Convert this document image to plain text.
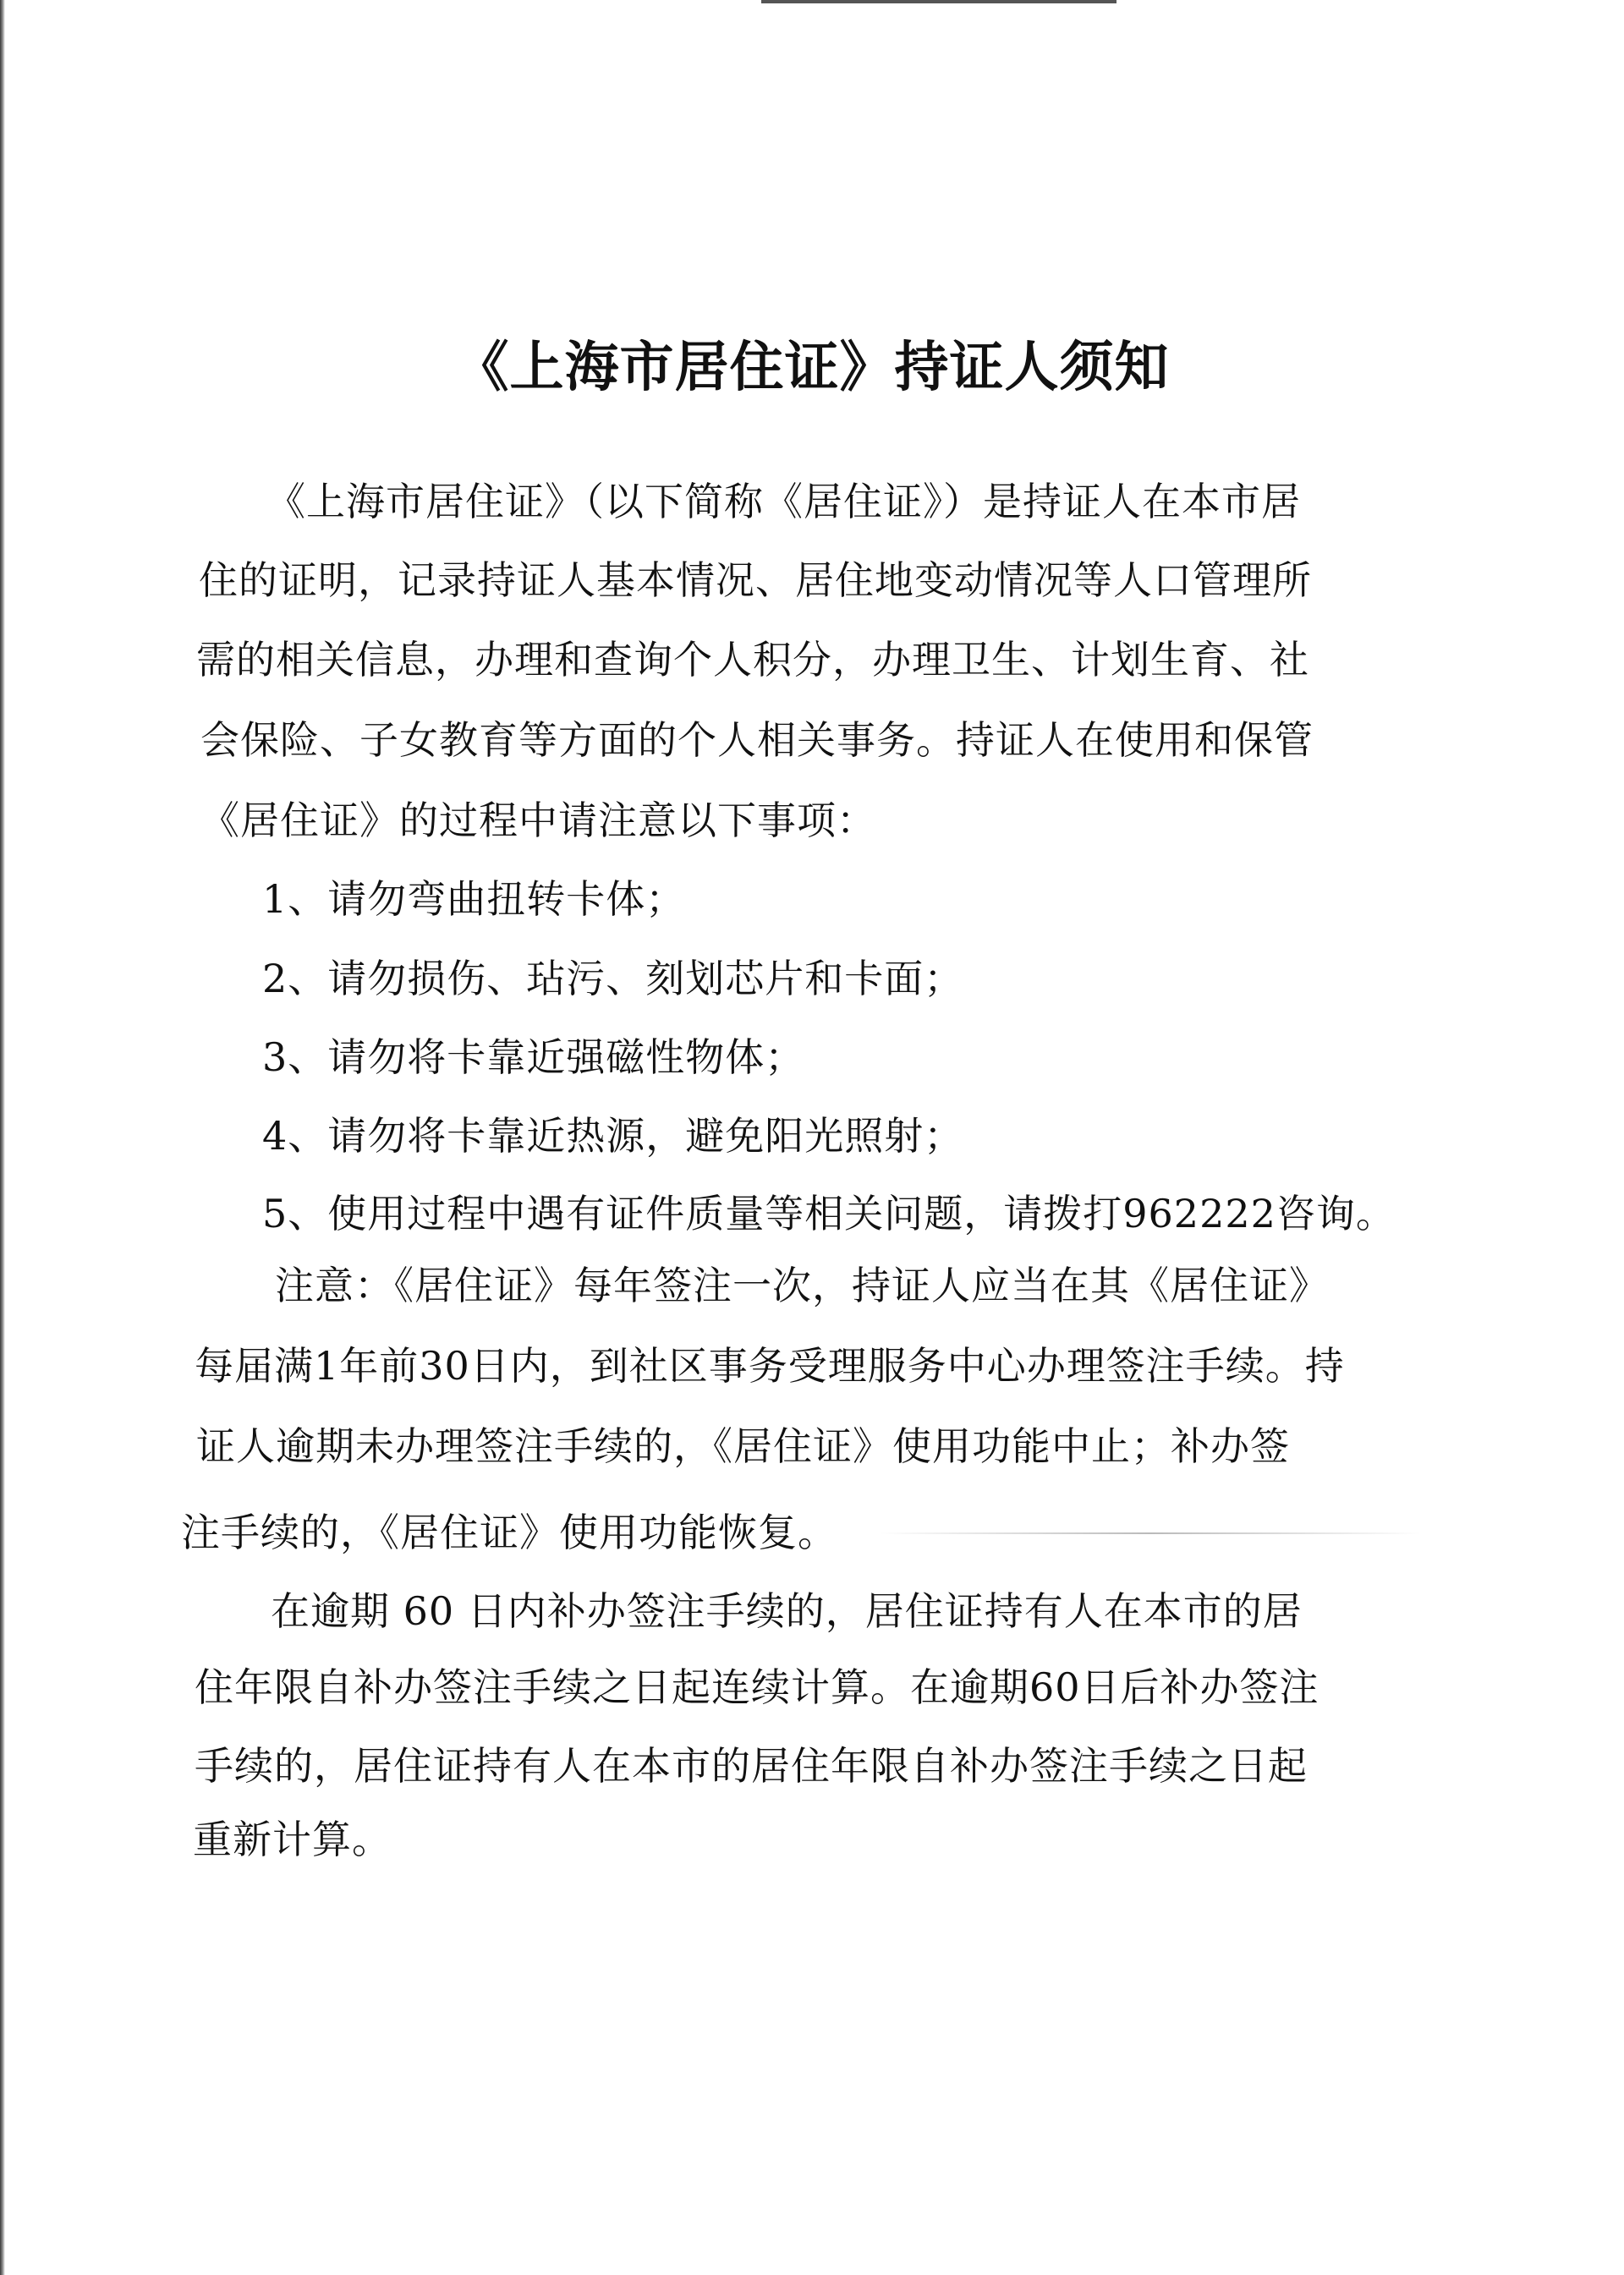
《上海市居住证》持证人须知
《上海市居住证》（以下简称《居住证》）是持证人在本市居
住的证明，记录持证人基本情况、居住地变动情况等人口管理所
需的相关信息，办理和查询个人积分，办理卫生、计划生育、社
会保险、子女教育等方面的个人相关事务。持证人在使用和保管
《居住证》的过程中请注意以下事项：
1、请勿弯曲扭转卡体；
2、请勿损伤、玷污、刻划芯片和卡面；
3、请勿将卡靠近强磁性物体；
4、请勿将卡靠近热源，避免阳光照射；
5、使用过程中遇有证件质量等相关问题，请拨打962222咨询。
注意：《居住证》每年签注一次，持证人应当在其《居住证》
每届满1年前30日内，到社区事务受理服务中心办理签注手续。持
证人逾期未办理签注手续的，《居住证》使用功能中止；补办签
注手续的，《居住证》使用功能恢复。
在逾期 60 日内补办签注手续的，居住证持有人在本市的居
住年限自补办签注手续之日起连续计算。在逾期60日后补办签注
手续的，居住证持有人在本市的居住年限自补办签注手续之日起
重新计算。
